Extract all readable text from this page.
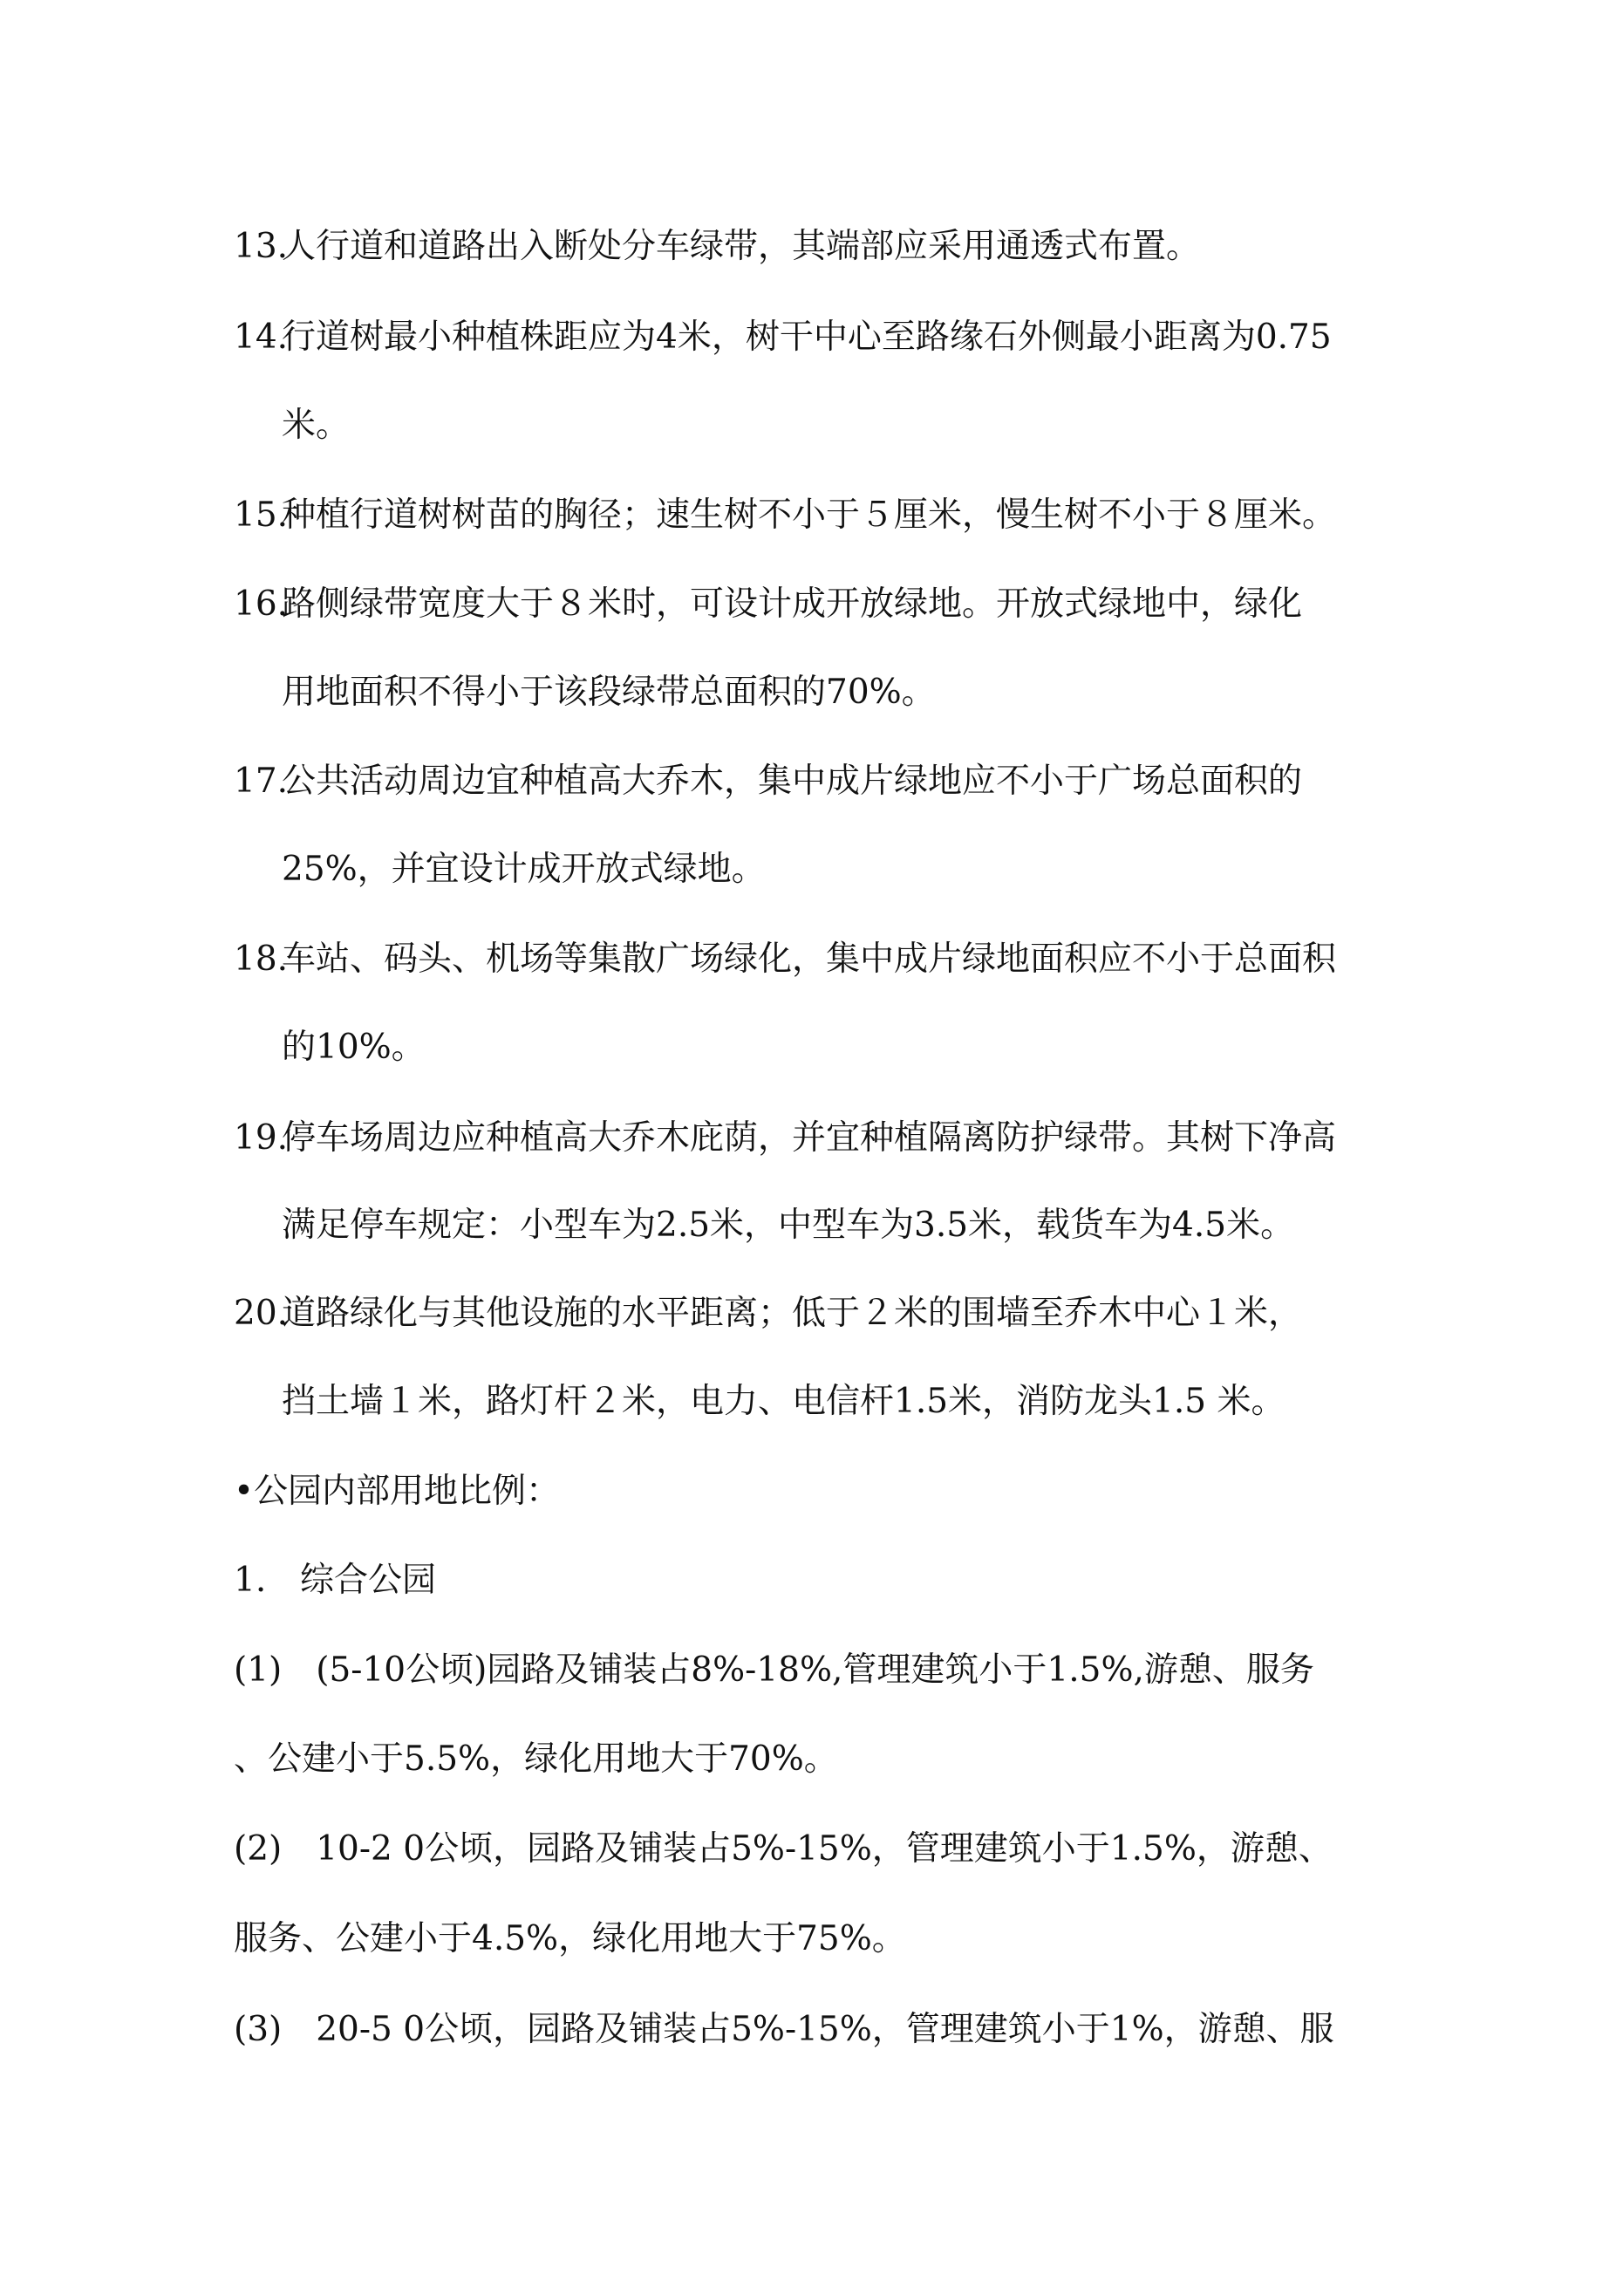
13.
人行道和道路出入断处分车绿带，其端部应采用通透式布置。
14.
行道树最小种植株距应为4米，树干中心至路缘石外侧最小距离为0.75
米。
15.
种植行道树树苗的胸径；速生树不小于５厘米，慢生树不小于８厘米。
16.
路侧绿带宽度大于８米时，可设计成开放绿地。开放式绿地中，绿化
用地面积不得小于该段绿带总面积的70%。
17.
公共活动周边宜种植高大乔木，集中成片绿地应不小于广场总面积的
25%，并宜设计成开放式绿地。
18.
车站、码头、机场等集散广场绿化，集中成片绿地面积应不小于总面积
的10%。
19.
停车场周边应种植高大乔木庇荫，并宜种植隔离防护绿带。其树下净高
满足停车规定：小型车为2.5米，中型车为3.5米，载货车为4.5米。
20.
道路绿化与其他设施的水平距离；低于２米的围墙至乔木中心１米，
挡土墙１米，路灯杆２米，电力、电信杆1.5米，消防龙头1.5 米。
•公园内部用地比例：
1. 综合公园
(1)　(5-10公顷)园路及铺装占8%-18%,管理建筑小于1.5%,游憩、服务
、公建小于5.5%，绿化用地大于70%。
(2)　10-2 0公顷，园路及铺装占5%-15%，管理建筑小于1.5%，游憩、
服务、公建小于4.5%，绿化用地大于75%。
(3)　20-5 0公顷，园路及铺装占5%-15%，管理建筑小于1%，游憩、服
